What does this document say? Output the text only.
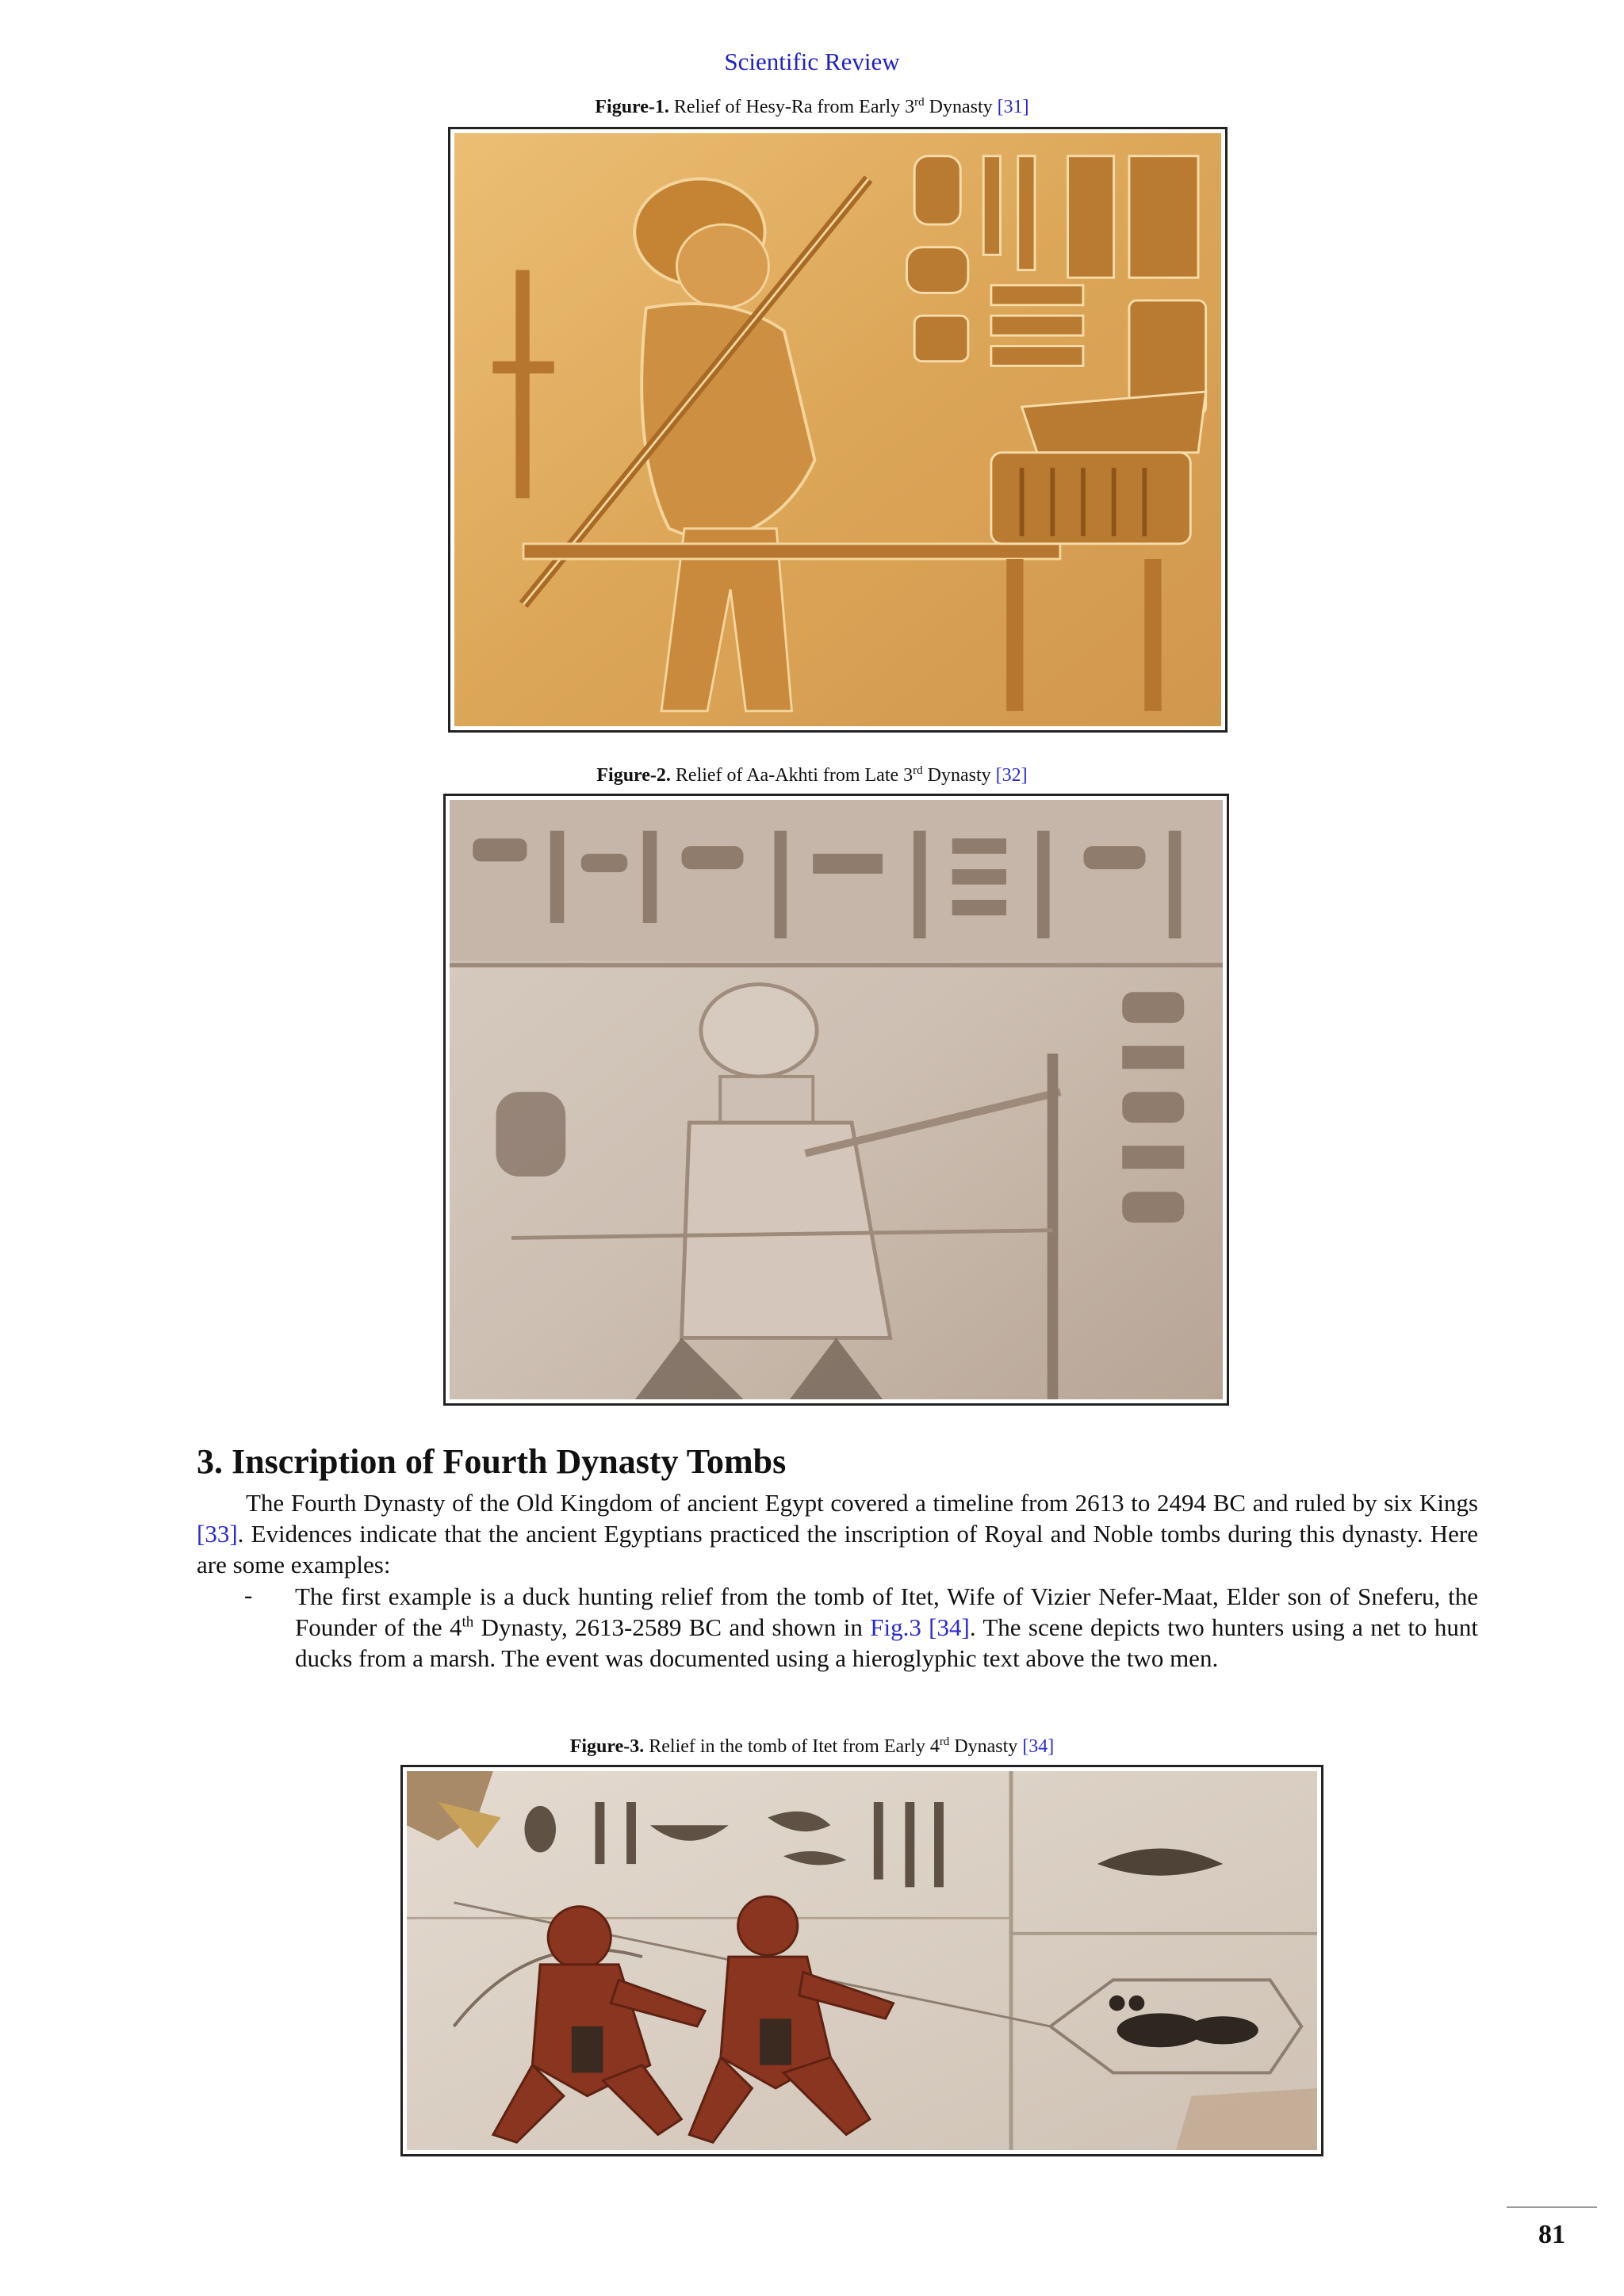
Scientific Review
Figure-1. Relief of Hesy-Ra from Early 3rd Dynasty [31]
Figure-2. Relief of Aa-Akhti from Late 3rd Dynasty [32]
3. Inscription of Fourth Dynasty Tombs
The Fourth Dynasty of the Old Kingdom of ancient Egypt covered a timeline from 2613 to 2494 BC and ruled by six Kings [33]. Evidences indicate that the ancient Egyptians practiced the inscription of Royal and Noble tombs during this dynasty. Here are some examples:
- The first example is a duck hunting relief from the tomb of Itet, Wife of Vizier Nefer-Maat, Elder son of Sneferu, the Founder of the 4th Dynasty, 2613-2589 BC and shown in Fig.3 [34]. The scene depicts two hunters using a net to hunt ducks from a marsh. The event was documented using a hieroglyphic text above the two men.
Figure-3. Relief in the tomb of Itet from Early 4rd Dynasty [34]
81
